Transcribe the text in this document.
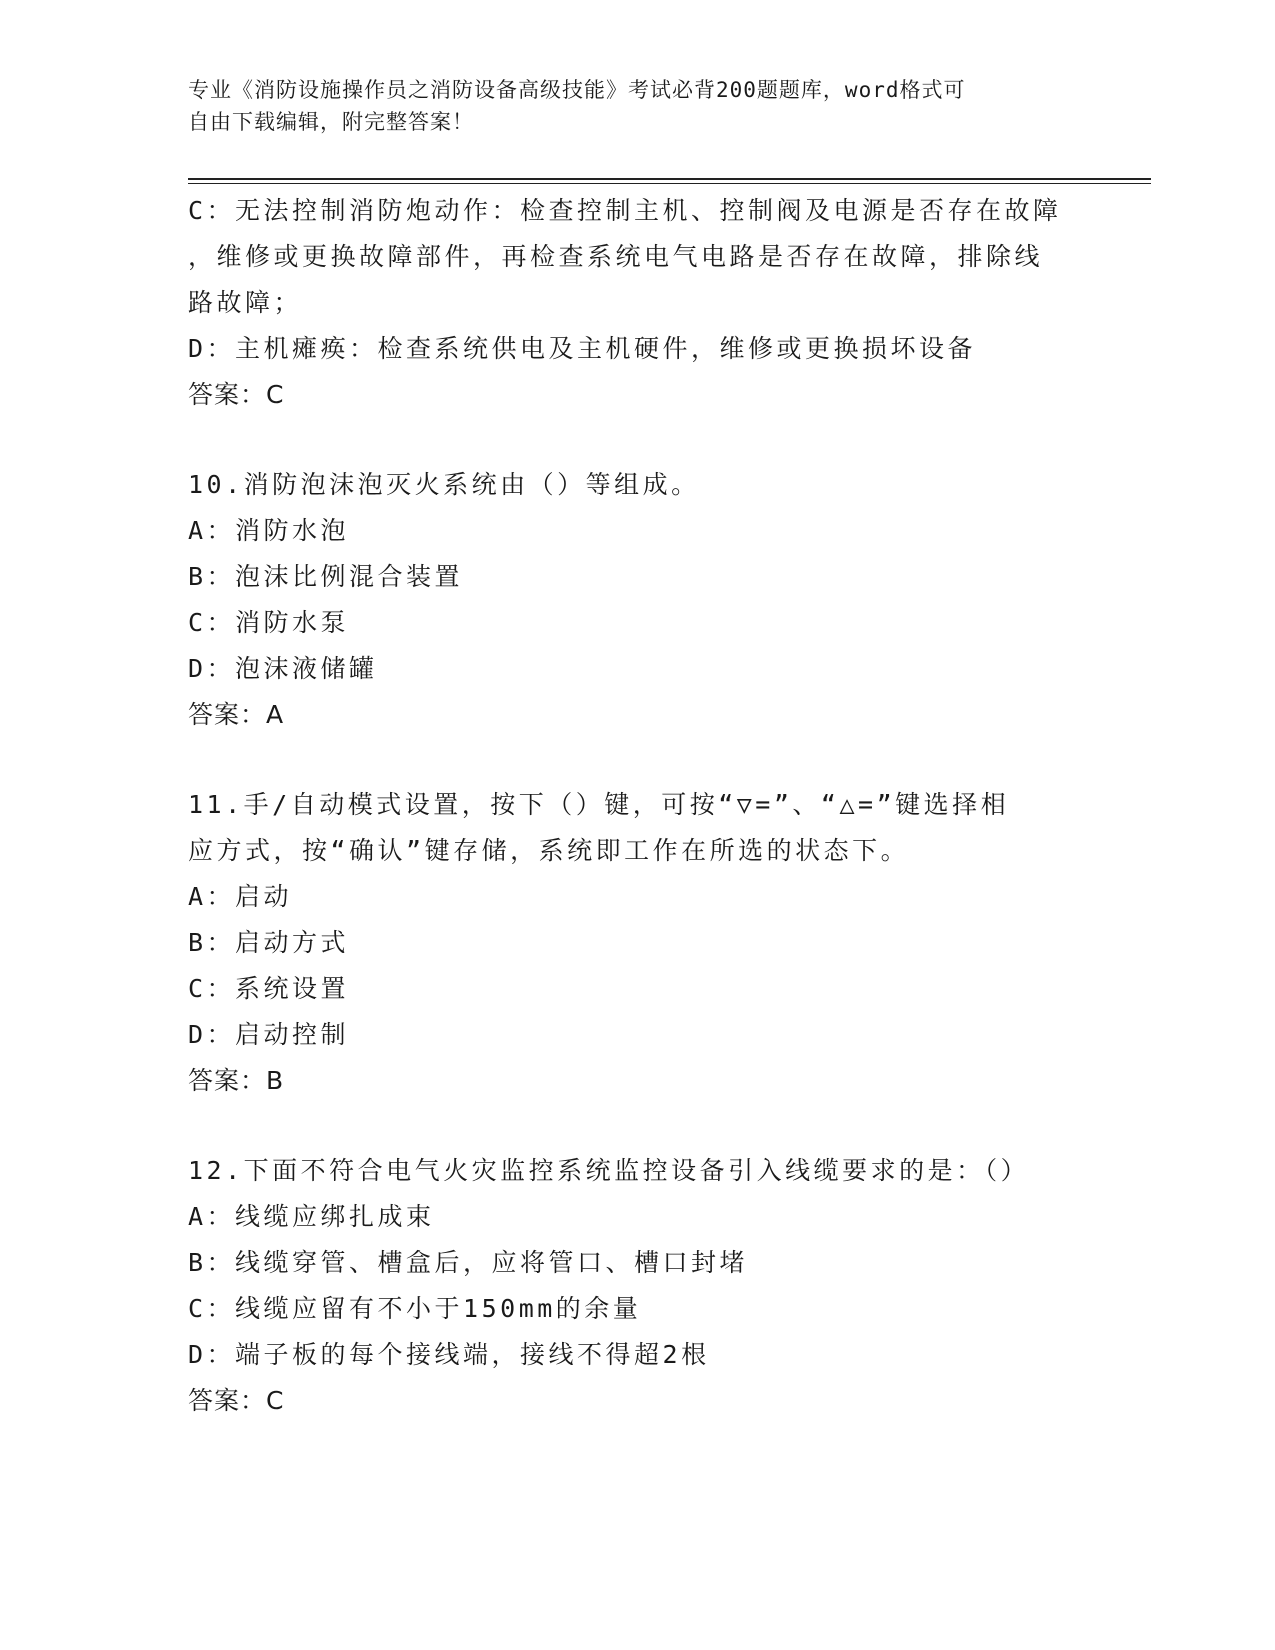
专业《消防设施操作员之消防设备高级技能》考试必背200题题库，word格式可
自由下载编辑，附完整答案！
C：无法控制消防炮动作：检查控制主机、控制阀及电源是否存在故障
，维修或更换故障部件，再检查系统电气电路是否存在故障，排除线
路故障；
D：主机瘫痪：检查系统供电及主机硬件，维修或更换损坏设备
答案：C
10.消防泡沫泡灭火系统由（）等组成。
A：消防水泡
B：泡沫比例混合装置
C：消防水泵
D：泡沫液储罐
答案：A
11.手/自动模式设置，按下（）键，可按“▽=”、“△=”键选择相
应方式，按“确认”键存储，系统即工作在所选的状态下。
A：启动
B：启动方式
C：系统设置
D：启动控制
答案：B
12.下面不符合电气火灾监控系统监控设备引入线缆要求的是：（）
A：线缆应绑扎成束
B：线缆穿管、槽盒后，应将管口、槽口封堵
C：线缆应留有不小于150mm的余量
D：端子板的每个接线端，接线不得超2根
答案：C
